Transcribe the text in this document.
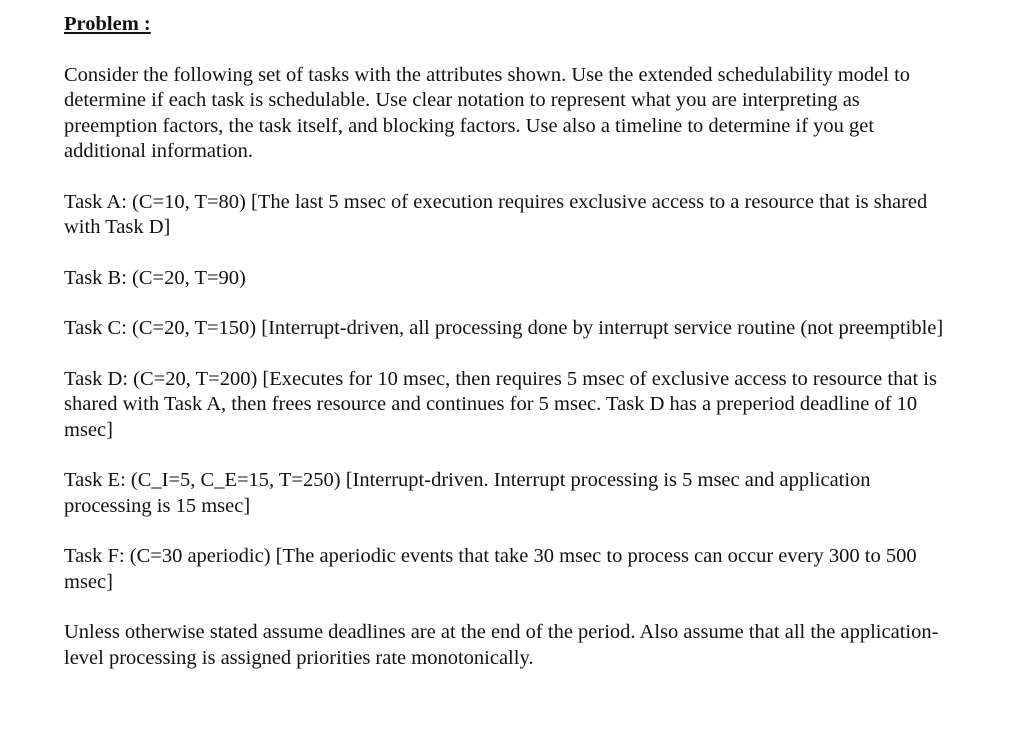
Problem :
Consider the following set of tasks with the attributes shown. Use the extended schedulability model to determine if each task is schedulable. Use clear notation to represent what you are interpreting as preemption factors, the task itself, and blocking factors. Use also a timeline to determine if you get additional information.
Task A: (C=10, T=80) [The last 5 msec of execution requires exclusive access to a resource that is shared with Task D]
Task B: (C=20, T=90)
Task C: (C=20, T=150) [Interrupt-driven, all processing done by interrupt service routine (not preemptible]
Task D: (C=20, T=200) [Executes for 10 msec, then requires 5 msec of exclusive access to resource that is shared with Task A, then frees resource and continues for 5 msec. Task D has a preperiod deadline of 10 msec]
Task E: (C_I=5, C_E=15, T=250) [Interrupt-driven. Interrupt processing is 5 msec and application processing is 15 msec]
Task F: (C=30 aperiodic) [The aperiodic events that take 30 msec to process can occur every 300 to 500 msec]
Unless otherwise stated assume deadlines are at the end of the period. Also assume that all the application-level processing is assigned priorities rate monotonically.
